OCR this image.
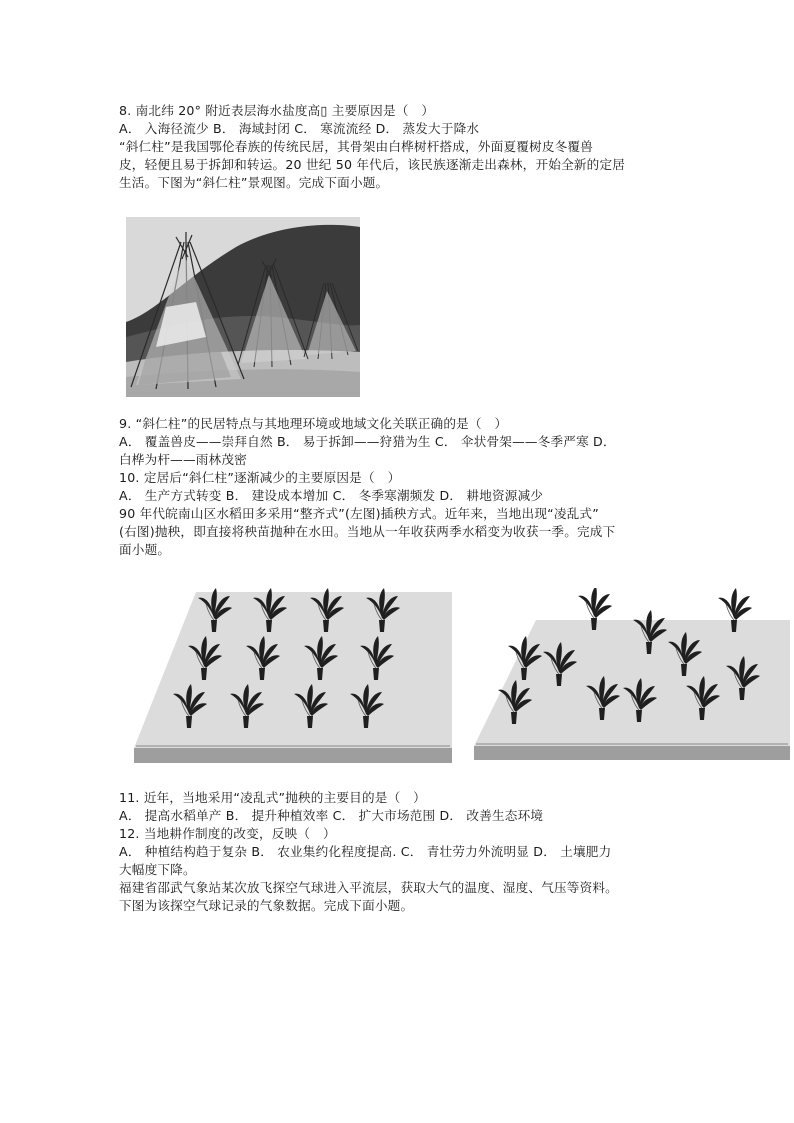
8. 南北纬 20° 附近表层海水盐度高▯ 主要原因是（　）
A． 入海径流少 B． 海域封闭 C． 寒流流经 D． 蒸发大于降水
“斜仁柱”是我国鄂伦春族的传统民居，其骨架由白桦树杆搭成，外面夏覆树皮冬覆兽
皮，轻便且易于拆卸和转运。20 世纪 50 年代后，该民族逐渐走出森林，开始全新的定居
生活。下图为“斜仁柱”景观图。完成下面小题。
9. “斜仁柱”的民居特点与其地理环境或地域文化关联正确的是（　）
A． 覆盖兽皮——崇拜自然 B． 易于拆卸——狩猎为生 C． 伞状骨架——冬季严寒 D．
白桦为杆——雨林茂密
10. 定居后“斜仁柱”逐渐减少的主要原因是（　）
A． 生产方式转变 B． 建设成本增加 C． 冬季寒潮频发 D． 耕地资源减少
90 年代皖南山区水稻田多采用“整齐式”(左图)插秧方式。近年来，当地出现“凌乱式”
(右图)抛秧，即直接将秧苗抛种在水田。当地从一年收获两季水稻变为收获一季。完成下
面小题。
11. 近年，当地采用“凌乱式”抛秧的主要目的是（　）
A． 提高水稻单产 B． 提升种植效率 C． 扩大市场范围 D． 改善生态环境
12. 当地耕作制度的改变，反映（　）
A． 种植结构趋于复杂 B． 农业集约化程度提高. C． 青壮劳力外流明显 D． 土壤肥力
大幅度下降。
福建省邵武气象站某次放飞探空气球进入平流层，获取大气的温度、湿度、气压等资料。
下图为该探空气球记录的气象数据。完成下面小题。
